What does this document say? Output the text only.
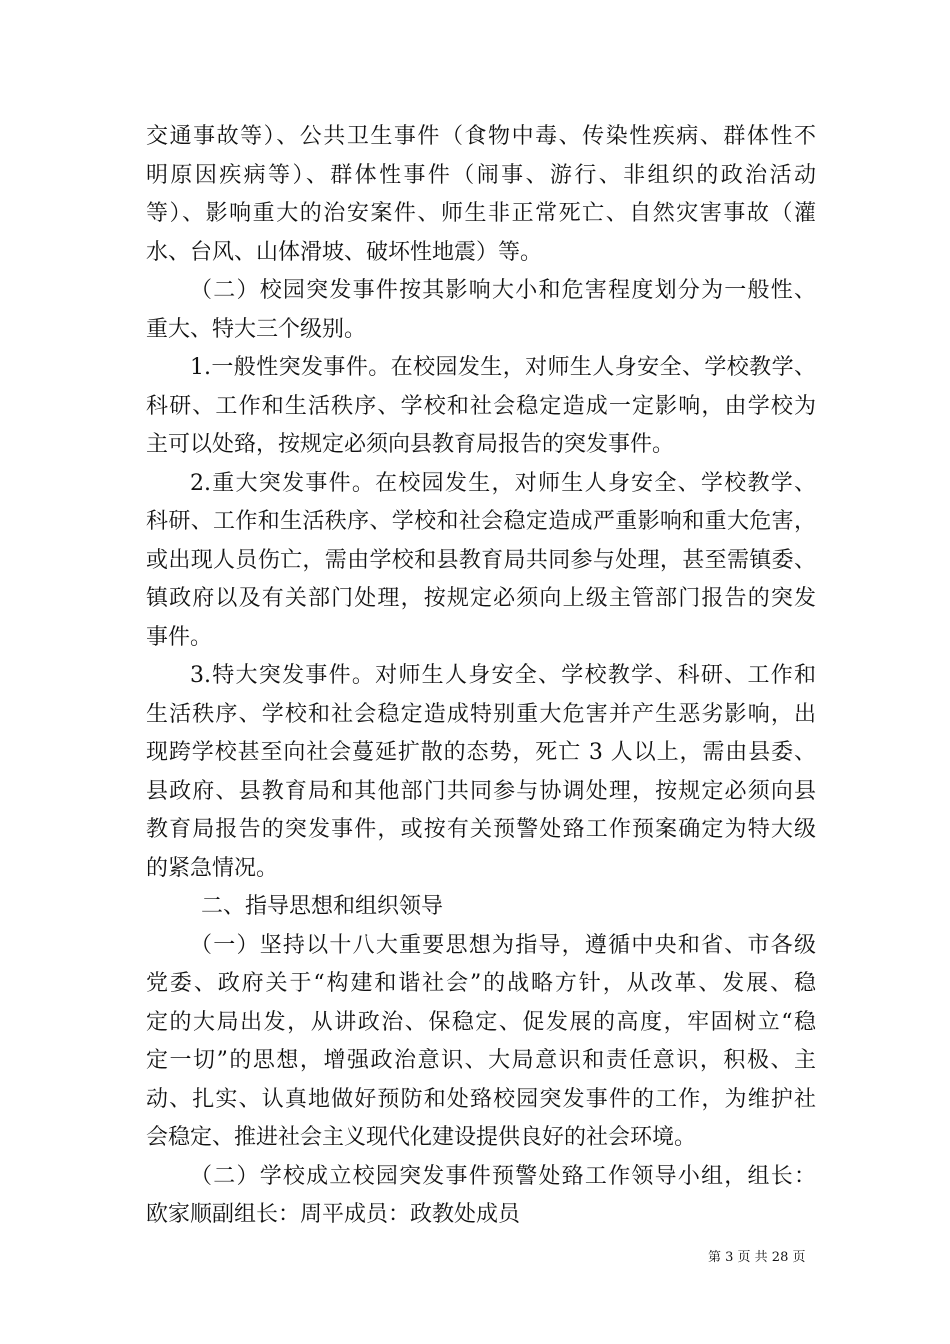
交通事故等）、公共卫生事件（食物中毒、传染性疾病、群体性不
明原因疾病等）、群体性事件（闹事、游行、非组织的政治活动
等）、影响重大的治安案件、师生非正常死亡、自然灾害事故（灌
水、台风、山体滑坡、破坏性地震）等。
（二）校园突发事件按其影响大小和危害程度划分为一般性、
重大、特大三个级别。
1.一般性突发事件。在校园发生，对师生人身安全、学校教学、
科研、工作和生活秩序、学校和社会稳定造成一定影响，由学校为
主可以处臵，按规定必须向县教育局报告的突发事件。
2.重大突发事件。在校园发生，对师生人身安全、学校教学、
科研、工作和生活秩序、学校和社会稳定造成严重影响和重大危害，
或出现人员伤亡，需由学校和县教育局共同参与处理，甚至需镇委、
镇政府以及有关部门处理，按规定必须向上级主管部门报告的突发
事件。
3.特大突发事件。对师生人身安全、学校教学、科研、工作和
生活秩序、学校和社会稳定造成特别重大危害并产生恶劣影响，出
现跨学校甚至向社会蔓延扩散的态势，死亡 3 人以上，需由县委、
县政府、县教育局和其他部门共同参与协调处理，按规定必须向县
教育局报告的突发事件，或按有关预警处臵工作预案确定为特大级
的紧急情况。
二、指导思想和组织领导
（一）坚持以十八大重要思想为指导，遵循中央和省、市各级
党委、政府关于“构建和谐社会”的战略方针，从改革、发展、稳
定的大局出发，从讲政治、保稳定、促发展的高度，牢固树立“稳
定一切”的思想，增强政治意识、大局意识和责任意识，积极、主
动、扎实、认真地做好预防和处臵校园突发事件的工作，为维护社
会稳定、推进社会主义现代化建设提供良好的社会环境。
（二）学校成立校园突发事件预警处臵工作领导小组，组长：
欧家顺副组长：周平成员：政教处成员
第 3 页 共 28 页
